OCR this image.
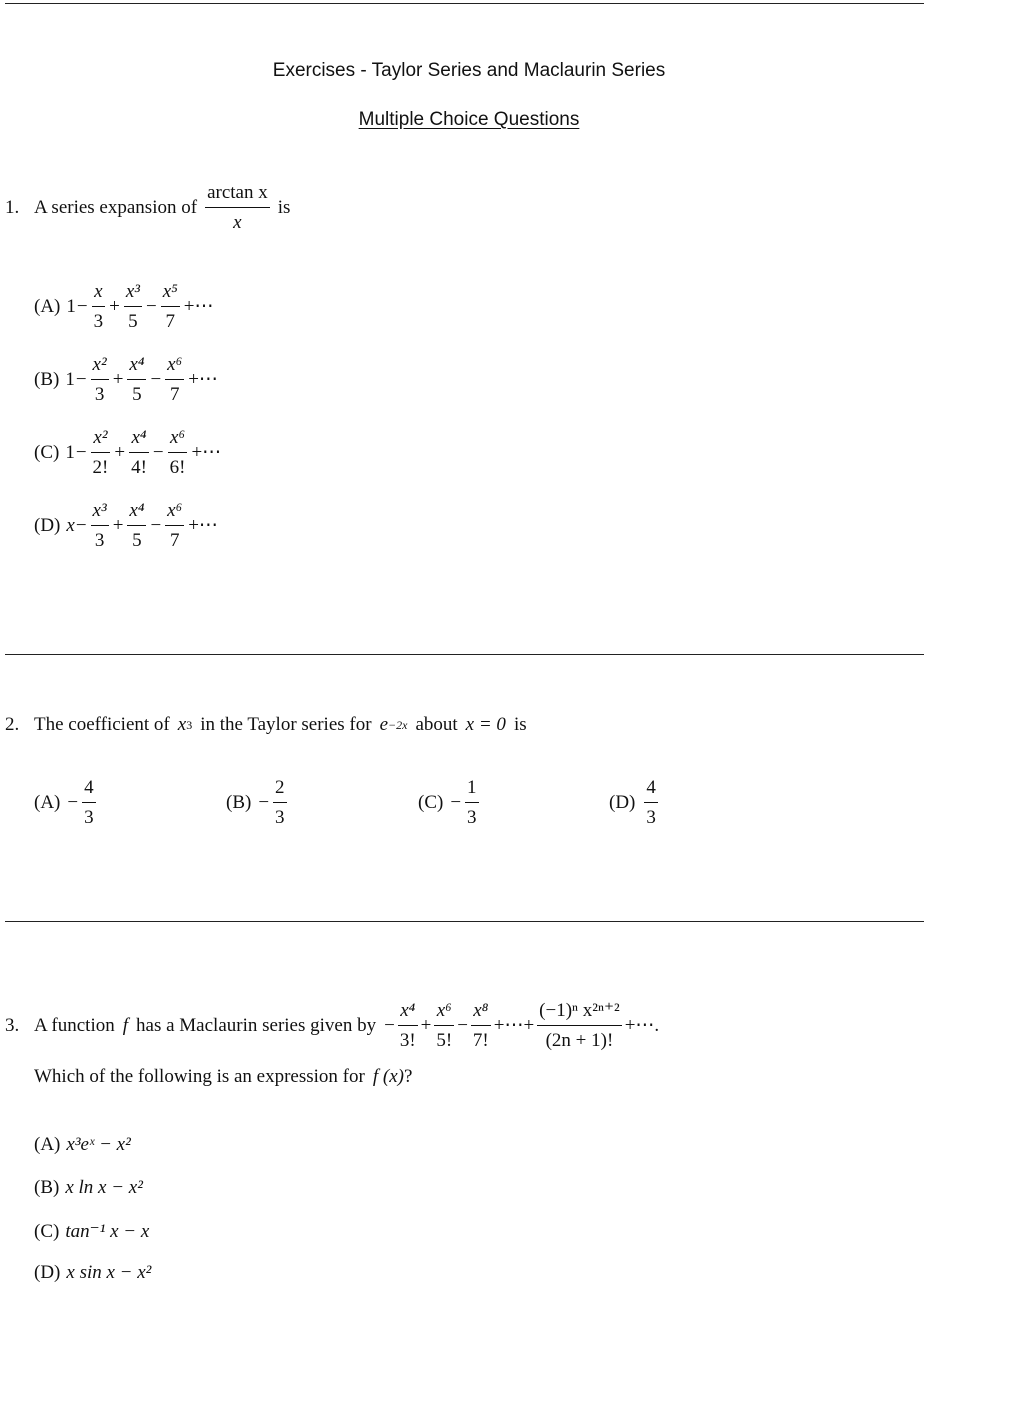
Exercises - Taylor Series and Maclaurin Series
Multiple Choice Questions
1. A series expansion of $\frac{\text{arctan x}}{x}$ is
(A) $1 - \frac{x}{3} + \frac{\text{x³}}{5} - \frac{\text{x⁵}}{7}$ +⋯
(B) $1 - \frac{\text{x²}}{3} + \frac{\text{x⁴}}{5} - \frac{\text{x⁶}}{7}$ +⋯
(C) $1 - \frac{\text{x²}}{2!} + \frac{\text{x⁴}}{4!} - \frac{\text{x⁶}}{6!}$ +⋯
(D) $x - \frac{\text{x³}}{3} + \frac{\text{x⁴}}{5} - \frac{\text{x⁶}}{7}$ +⋯
2. The coefficient of x 3 in the Taylor series for e −2x about x = 0 is
$(A) - \frac{4}{3}$	$(B) - \frac{2}{3}$	$(C) - \frac{1}{3}$	$(D) \frac{4}{3}$
3. A function f has a Maclaurin series given by − $\frac{\text{x⁴}}{3!} + \frac{\text{x⁶}}{5!} - \frac{\text{x⁸}}{7!}$ +⋯+ $\frac{\text{(−1)ⁿ x²ⁿ⁺²}}{(2n + 1)!}$ +⋯.
Which of the following is an expression for f (x) ?
(A) x³eˣ − x²
(B) x ln x − x²
(C) tan⁻¹ x − x
(D) x sin x − x²
